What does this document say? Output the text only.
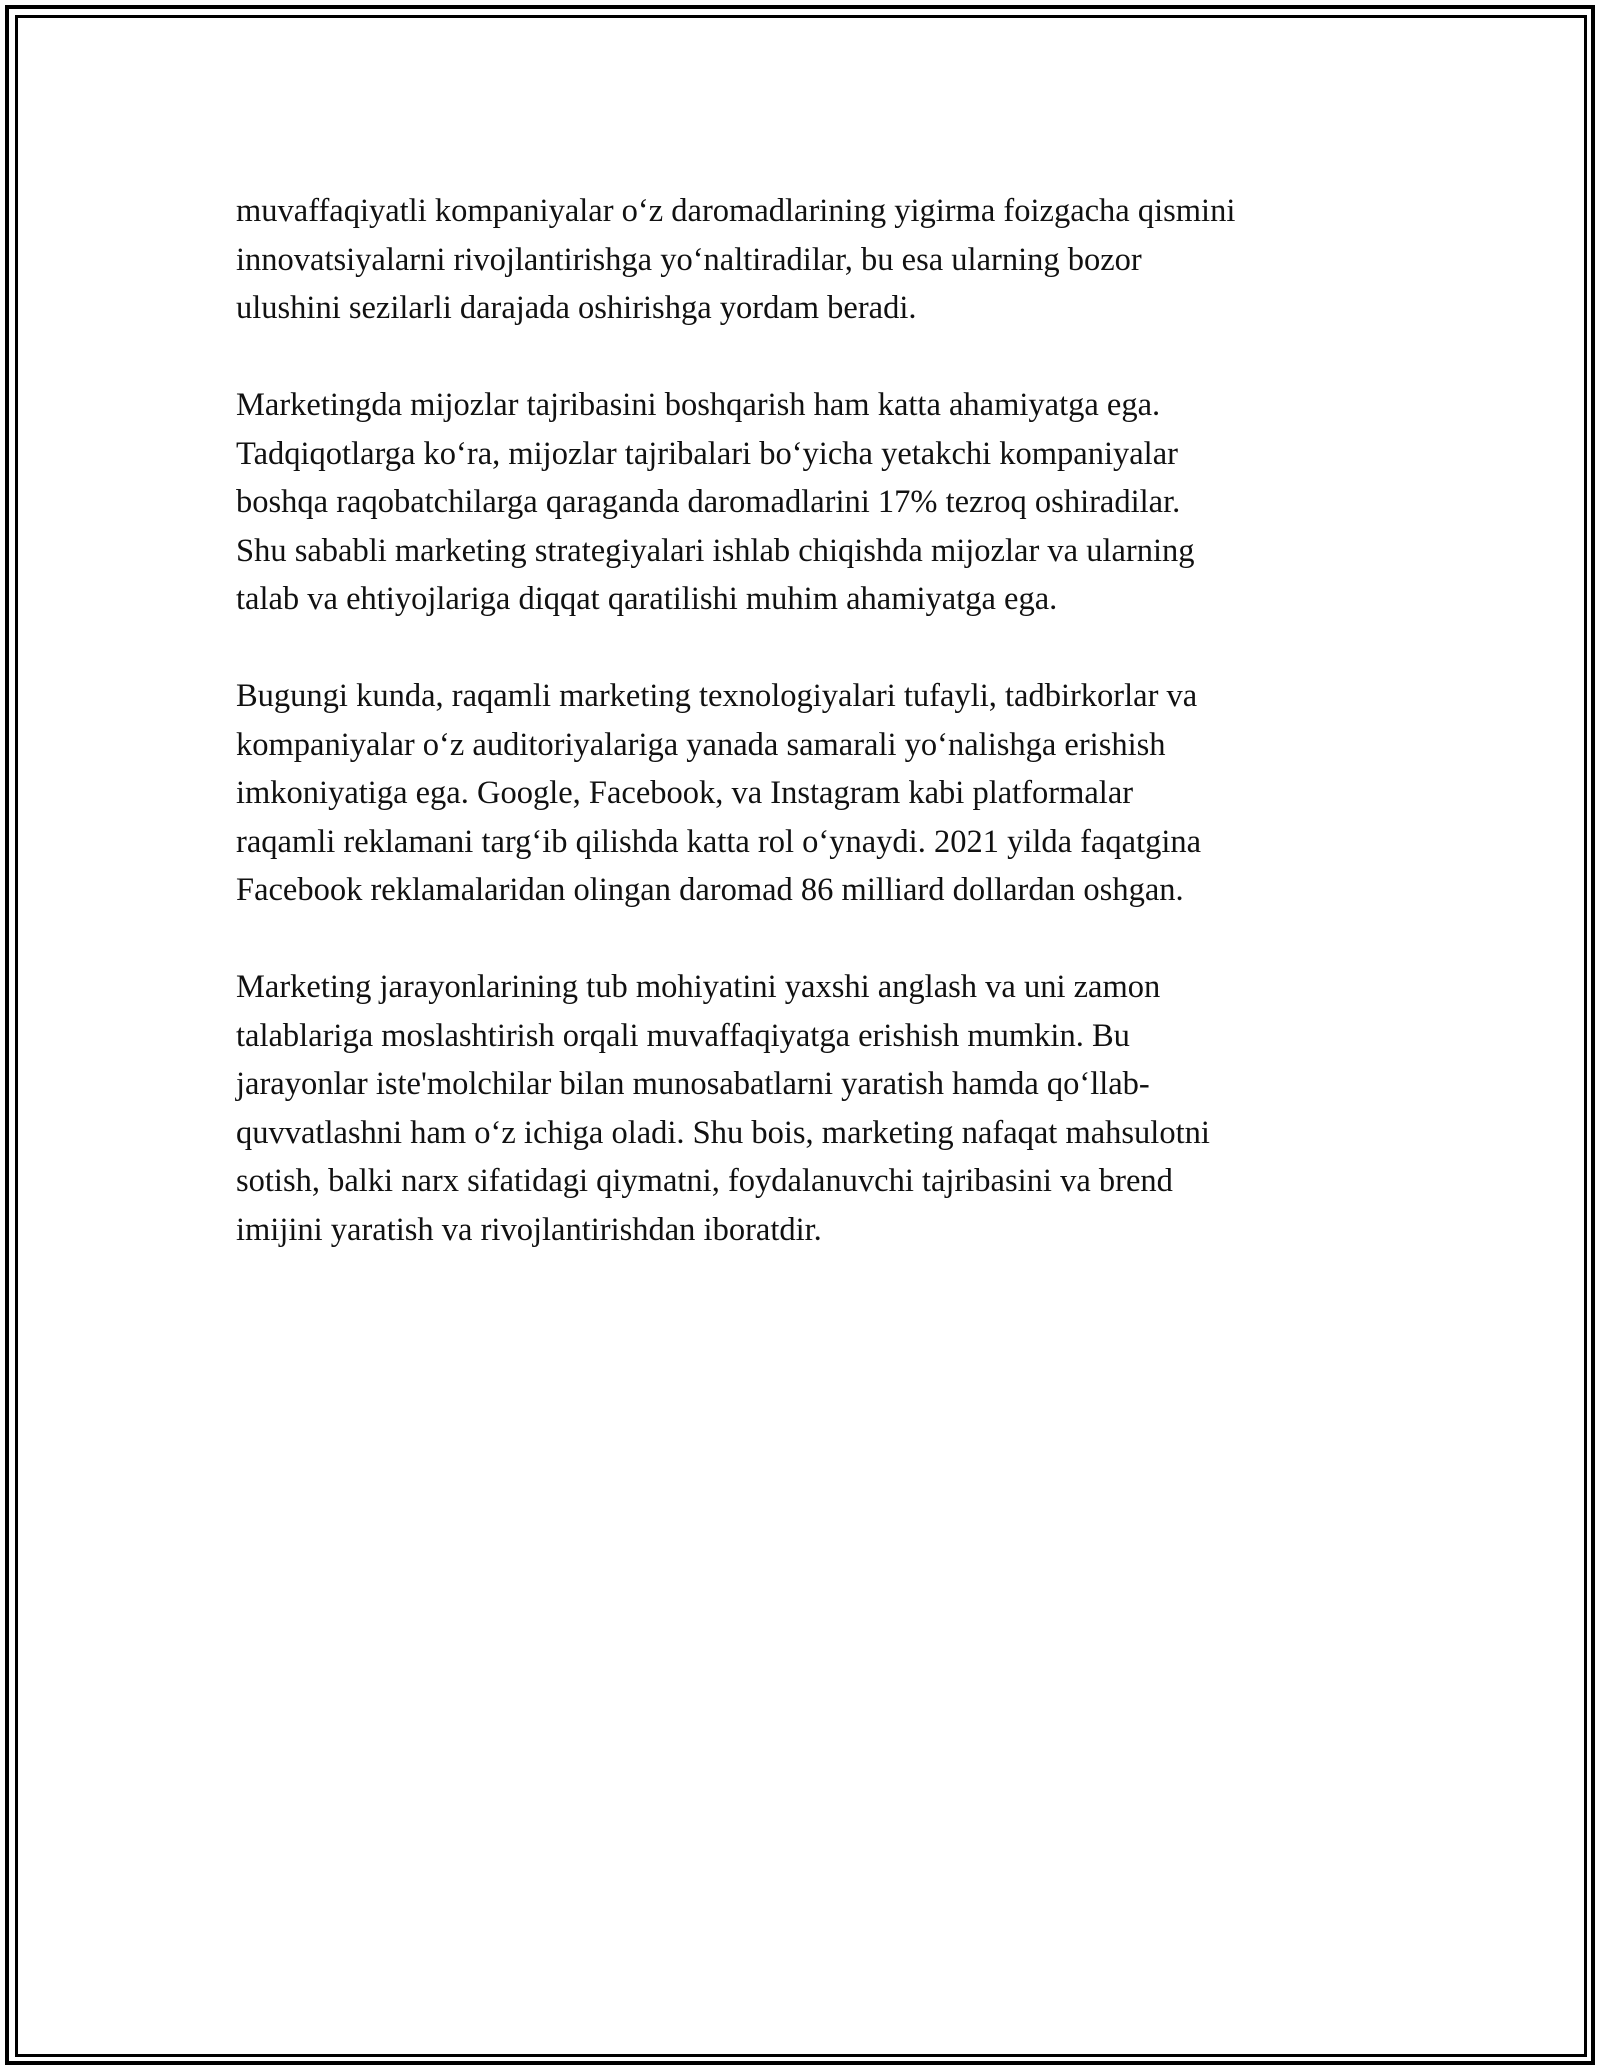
muvaffaqiyatli kompaniyalar o‘z daromadlarining yigirma foizgacha qismini
innovatsiyalarni rivojlantirishga yo‘naltiradilar, bu esa ularning bozor
ulushini sezilarli darajada oshirishga yordam beradi.

Marketingda mijozlar tajribasini boshqarish ham katta ahamiyatga ega.
Tadqiqotlarga ko‘ra, mijozlar tajribalari bo‘yicha yetakchi kompaniyalar
boshqa raqobatchilarga qaraganda daromadlarini 17% tezroq oshiradilar.
Shu sababli marketing strategiyalari ishlab chiqishda mijozlar va ularning
talab va ehtiyojlariga diqqat qaratilishi muhim ahamiyatga ega.

Bugungi kunda, raqamli marketing texnologiyalari tufayli, tadbirkorlar va
kompaniyalar o‘z auditoriyalariga yanada samarali yo‘nalishga erishish
imkoniyatiga ega. Google, Facebook, va Instagram kabi platformalar
raqamli reklamani targ‘ib qilishda katta rol o‘ynaydi. 2021 yilda faqatgina
Facebook reklamalaridan olingan daromad 86 milliard dollardan oshgan.

Marketing jarayonlarining tub mohiyatini yaxshi anglash va uni zamon
talablariga moslashtirish orqali muvaffaqiyatga erishish mumkin. Bu
jarayonlar iste'molchilar bilan munosabatlarni yaratish hamda qo‘llab-
quvvatlashni ham o‘z ichiga oladi. Shu bois, marketing nafaqat mahsulotni
sotish, balki narx sifatidagi qiymatni, foydalanuvchi tajribasini va brend
imijini yaratish va rivojlantirishdan iboratdir.
